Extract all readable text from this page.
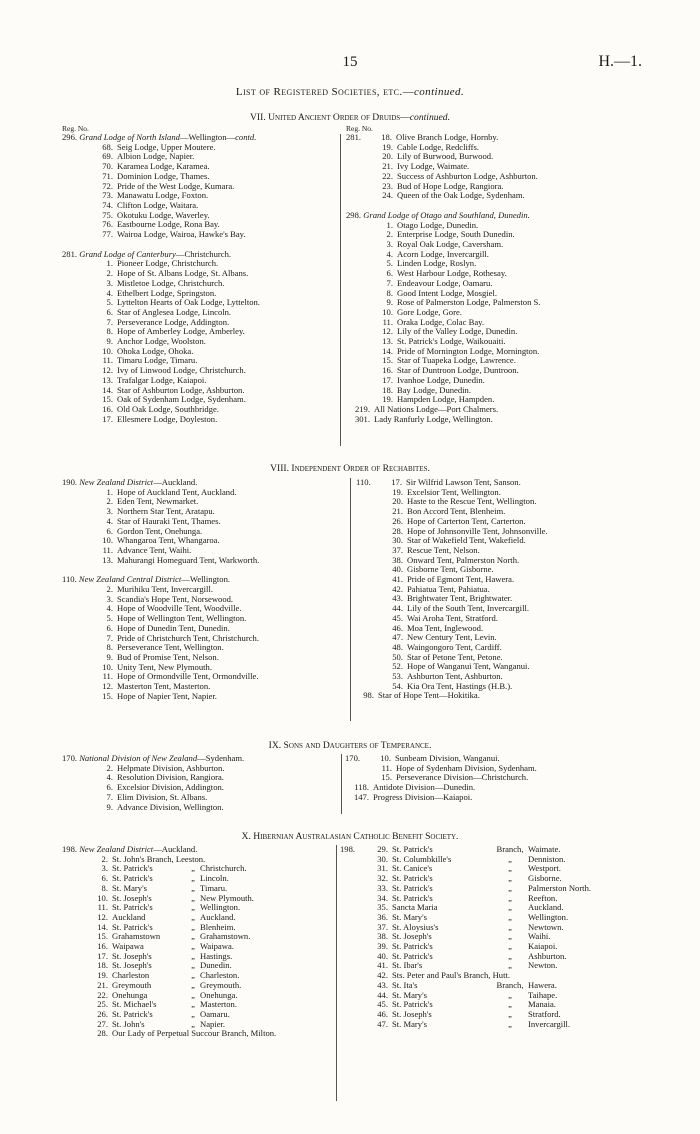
15	H.—1.
List of Registered Societies, etc.—continued.
VII. United Ancient Order of Druids—continued.
Reg. No.
296. Grand Lodge of North Island—Wellington—contd.
68. Seig Lodge, Upper Moutere.
69. Albion Lodge, Napier.
70. Karamea Lodge, Karamea.
71. Dominion Lodge, Thames.
72. Pride of the West Lodge, Kumara.
73. Manawatu Lodge, Foxton.
74. Clifton Lodge, Waitara.
75. Okotuku Lodge, Waverley.
76. Eastbourne Lodge, Rona Bay.
77. Wairoa Lodge, Wairoa, Hawke's Bay.
281. Grand Lodge of Canterbury—Christchurch.
1. Pioneer Lodge, Christchurch.
2. Hope of St. Albans Lodge, St. Albans.
3. Mistletoe Lodge, Christchurch.
4. Ethelbert Lodge, Springston.
5. Lyttelton Hearts of Oak Lodge, Lyttelton.
6. Star of Anglesea Lodge, Lincoln.
7. Perseverance Lodge, Addington.
8. Hope of Amberley Lodge, Amberley.
9. Anchor Lodge, Woolston.
10. Ohoka Lodge, Ohoka.
11. Timaru Lodge, Timaru.
12. Ivy of Linwood Lodge, Christchurch.
13. Trafalgar Lodge, Kaiapoi.
14. Star of Ashburton Lodge, Ashburton.
15. Oak of Sydenham Lodge, Sydenham.
16. Old Oak Lodge, Southbridge.
17. Ellesmere Lodge, Doyleston.
Reg. No.
281. 18. Olive Branch Lodge, Hornby.
19. Cable Lodge, Redcliffs.
20. Lily of Burwood, Burwood.
21. Ivy Lodge, Waimate.
22. Success of Ashburton Lodge, Ashburton.
23. Bud of Hope Lodge, Rangiora.
24. Queen of the Oak Lodge, Sydenham.
298. Grand Lodge of Otago and Southland, Dunedin.
1. Otago Lodge, Dunedin.
2. Enterprise Lodge, South Dunedin.
3. Royal Oak Lodge, Caversham.
4. Acorn Lodge, Invercargill.
5. Linden Lodge, Roslyn.
6. West Harbour Lodge, Rothesay.
7. Endeavour Lodge, Oamaru.
8. Good Intent Lodge, Mosgiel.
9. Rose of Palmerston Lodge, Palmerston S.
10. Gore Lodge, Gore.
11. Oraka Lodge, Colac Bay.
12. Lily of the Valley Lodge, Dunedin.
13. St. Patrick's Lodge, Waikouaiti.
14. Pride of Mornington Lodge, Mornington.
15. Star of Tuapeka Lodge, Lawrence.
16. Star of Duntroon Lodge, Duntroon.
17. Ivanhoe Lodge, Dunedin.
18. Bay Lodge, Dunedin.
19. Hampden Lodge, Hampden.
219.All Nations Lodge—Port Chalmers.
301.Lady Ranfurly Lodge, Wellington.
VIII. Independent Order of Rechabites.
190. New Zealand District—Auckland.
1. Hope of Auckland Tent, Auckland.
2. Eden Tent, Newmarket.
3. Northern Star Tent, Aratapu.
4. Star of Hauraki Tent, Thames.
6. Gordon Tent, Onehunga.
10. Whangaroa Tent, Whangaroa.
11. Advance Tent, Waihi.
13. Mahurangi Homeguard Tent, Warkworth.
110. New Zealand Central District—Wellington.
2. Murihiku Tent, Invercargill.
3. Scandia's Hope Tent, Norsewood.
4. Hope of Woodville Tent, Woodville.
5. Hope of Wellington Tent, Wellington.
6. Hope of Dunedin Tent, Dunedin.
7. Pride of Christchurch Tent, Christchurch.
8. Perseverance Tent, Wellington.
9. Bud of Promise Tent, Nelson.
10. Unity Tent, New Plymouth.
11. Hope of Ormondville Tent, Ormondville.
12. Masterton Tent, Masterton.
15. Hope of Napier Tent, Napier.
110. 17. Sir Wilfrid Lawson Tent, Sanson.
19. Excelsior Tent, Wellington.
20. Haste to the Rescue Tent, Wellington.
21. Bon Accord Tent, Blenheim.
26. Hope of Carterton Tent, Carterton.
28. Hope of Johnsonville Tent, Johnsonville.
30. Star of Wakefield Tent, Wakefield.
37. Rescue Tent, Nelson.
38. Onward Tent, Palmerston North.
40. Gisborne Tent, Gisborne.
41. Pride of Egmont Tent, Hawera.
42. Pahiatua Tent, Pahiatua.
43. Brightwater Tent, Brightwater.
44. Lily of the South Tent, Invercargill.
45. Wai Aroha Tent, Stratford.
46. Moa Tent, Inglewood.
47. New Century Tent, Levin.
48. Waingongoro Tent, Cardiff.
50. Star of Petone Tent, Petone.
52. Hope of Wanganui Tent, Wanganui.
53. Ashburton Tent, Ashburton.
54. Kia Ora Tent, Hastings (H.B.).
98.Star of Hope Tent—Hokitika.
IX. Sons and Daughters of Temperance.
170. National Division of New Zealand—Sydenham.
2. Helpmate Division, Ashburton.
4. Resolution Division, Rangiora.
6. Excelsior Division, Addington.
7. Elim Division, St. Albans.
9. Advance Division, Wellington.
170. 10. Sunbeam Division, Wanganui.
11. Hope of Sydenham Division, Sydenham.
15. Perseverance Division—Christchurch.
118.Antidote Division—Dunedin.
147.Progress Division—Kaiapoi.
X. Hibernian Australasian Catholic Benefit Society.
198. New Zealand District—Auckland.
	2.	St. John's Branch, Leeston.		
	3.	St. Patrick's	„	Christchurch.
	6.	St. Patrick's	„	Lincoln.
	8.	St. Mary's	„	Timaru.
	10.	St. Joseph's	„	New Plymouth.
	11.	St. Patrick's	„	Wellington.
	12.	Auckland	„	Auckland.
	14.	St. Patrick's	„	Blenheim.
	15.	Grahamstown	„	Grahamstown.
	16.	Waipawa	„	Waipawa.
	17.	St. Joseph's	„	Hastings.
	18.	St. Joseph's	„	Dunedin.
	19.	Charleston	„	Charleston.
	21.	Greymouth	„	Greymouth.
	22.	Onehunga	„	Onehunga.
	25.	St. Michael's	„	Masterton.
	26.	St. Patrick's	„	Oamaru.
	27.	St. John's	„	Napier.
	28.	Our Lady of Perpetual Succour Branch, Milton.		
198.	29.	St. Patrick's	Branch,	Waimate.
	30.	St. Columbkille's	„	Denniston.
	31.	St. Canice's	„	Westport.
	32.	St. Patrick's	„	Gisborne.
	33.	St. Patrick's	„	Palmerston North.
	34.	St. Patrick's	„	Reefton.
	35.	Sancta Maria	„	Auckland.
	36.	St. Mary's	„	Wellington.
	37.	St. Aloysius's	„	Newtown.
	38.	St. Joseph's	„	Waihi.
	39.	St. Patrick's	„	Kaiapoi.
	40.	St. Patrick's	„	Ashburton.
	41.	St. Ibar's	„	Newton.
	42.	Sts. Peter and Paul's Branch, Hutt.		
	43.	St. Ita's	Branch,	Hawera.
	44.	St. Mary's	„	Taihape.
	45.	St. Patrick's	„	Manaia.
	46.	St. Joseph's	„	Stratford.
	47.	St. Mary's	„	Invercargill.
